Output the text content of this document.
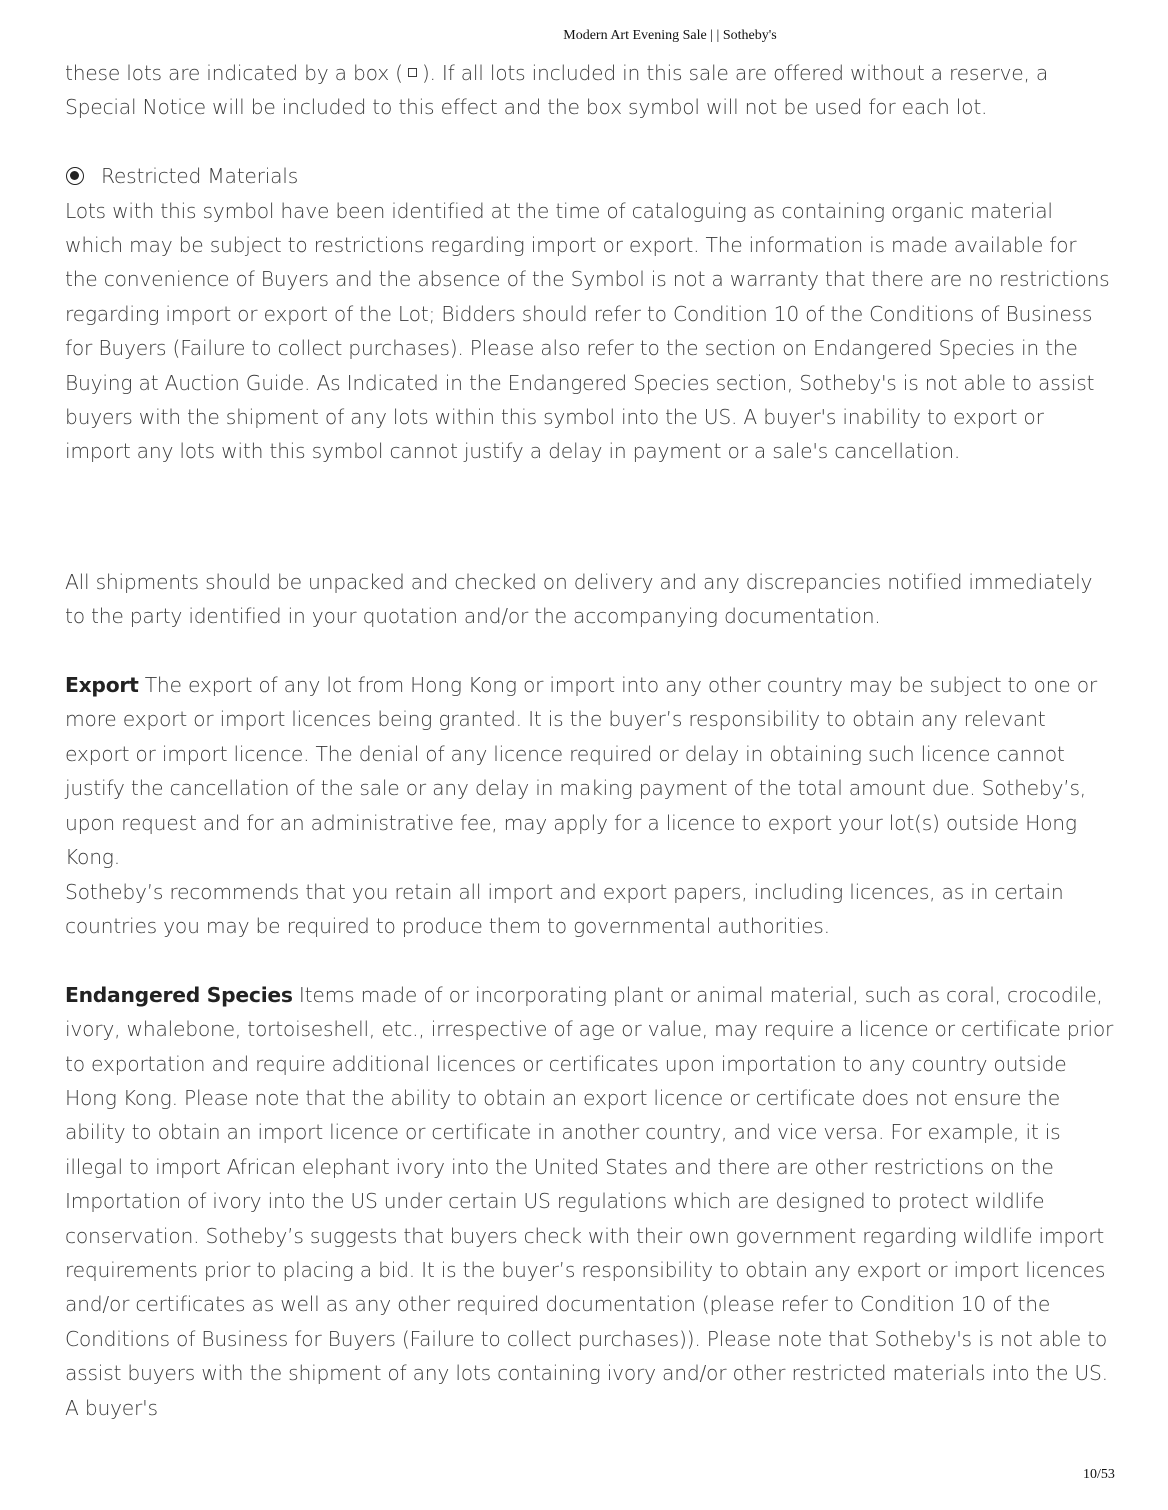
Modern Art Evening Sale | | Sotheby's

these lots are indicated by a box ( ). If all lots included in this sale are offered without a reserve, a Special Notice will be included to this effect and the box symbol will not be used for each lot.

Restricted Materials

Lots with this symbol have been identified at the time of cataloguing as containing organic material which may be subject to restrictions regarding import or export. The information is made available for the convenience of Buyers and the absence of the Symbol is not a warranty that there are no restrictions regarding import or export of the Lot; Bidders should refer to Condition 10 of the Conditions of Business for Buyers (Failure to collect purchases). Please also refer to the section on Endangered Species in the Buying at Auction Guide. As Indicated in the Endangered Species section, Sotheby's is not able to assist buyers with the shipment of any lots within this symbol into the US. A buyer's inability to export or import any lots with this symbol cannot justify a delay in payment or a sale's cancellation.

All shipments should be unpacked and checked on delivery and any discrepancies notified immediately to the party identified in your quotation and/or the accompanying documentation.

Export The export of any lot from Hong Kong or import into any other country may be subject to one or more export or import licences being granted. It is the buyer’s responsibility to obtain any relevant export or import licence. The denial of any licence required or delay in obtaining such licence cannot justify the cancellation of the sale or any delay in making payment of the total amount due. Sotheby’s, upon request and for an administrative fee, may apply for a licence to export your lot(s) outside Hong Kong.

Sotheby’s recommends that you retain all import and export papers, including licences, as in certain countries you may be required to produce them to governmental authorities.

Endangered Species Items made of or incorporating plant or animal material, such as coral, crocodile, ivory, whalebone, tortoiseshell, etc., irrespective of age or value, may require a licence or certificate prior to exportation and require additional licences or certificates upon importation to any country outside Hong Kong. Please note that the ability to obtain an export licence or certificate does not ensure the ability to obtain an import licence or certificate in another country, and vice versa. For example, it is illegal to import African elephant ivory into the United States and there are other restrictions on the Importation of ivory into the US under certain US regulations which are designed to protect wildlife conservation. Sotheby’s suggests that buyers check with their own government regarding wildlife import requirements prior to placing a bid. It is the buyer’s responsibility to obtain any export or import licences and/or certificates as well as any other required documentation (please refer to Condition 10 of the Conditions of Business for Buyers (Failure to collect purchases)). Please note that Sotheby's is not able to assist buyers with the shipment of any lots containing ivory and/or other restricted materials into the US. A buyer's

10/53
